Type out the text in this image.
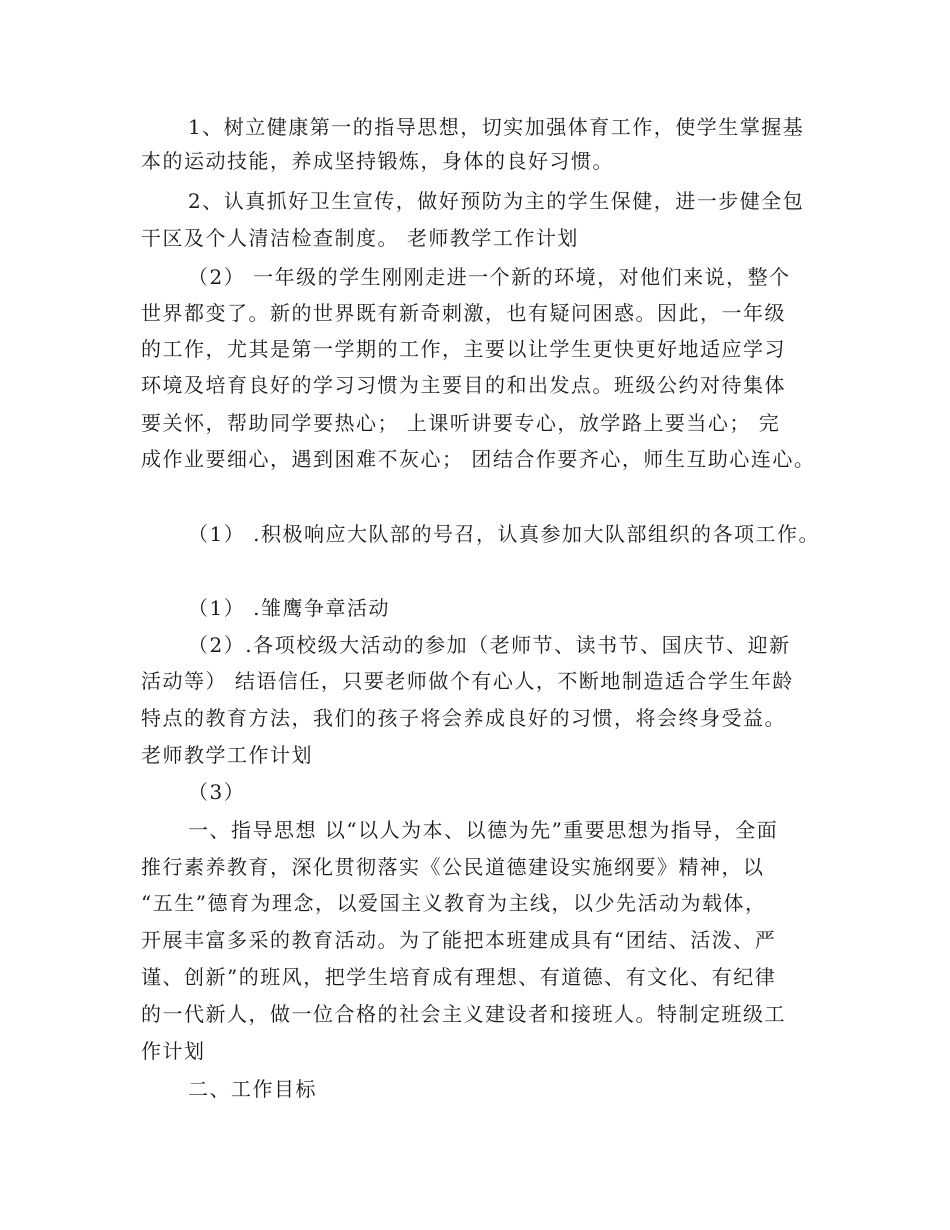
1、树立健康第一的指导思想，切实加强体育工作，使学生掌握基
本的运动技能，养成坚持锻炼，身体的良好习惯。
2、认真抓好卫生宣传，做好预防为主的学生保健，进一步健全包
干区及个人清洁检查制度。 老师教学工作计划
（2） 一年级的学生刚刚走进一个新的环境，对他们来说，整个
世界都变了。新的世界既有新奇刺激，也有疑问困惑。因此，一年级
的工作，尤其是第一学期的工作，主要以让学生更快更好地适应学习
环境及培育良好的学习习惯为主要目的和出发点。班级公约对待集体
要关怀，帮助同学要热心； 上课听讲要专心，放学路上要当心； 完
成作业要细心，遇到困难不灰心； 团结合作要齐心，师生互助心连心。
（1） .积极响应大队部的号召，认真参加大队部组织的各项工作。
（1） .雏鹰争章活动
（2）.各项校级大活动的参加（老师节、读书节、国庆节、迎新
活动等） 结语信任，只要老师做个有心人，不断地制造适合学生年龄
特点的教育方法，我们的孩子将会养成良好的习惯，将会终身受益。
老师教学工作计划
（3）
一、指导思想 以“以人为本、以德为先”重要思想为指导，全面
推行素养教育，深化贯彻落实《公民道德建设实施纲要》精神，以
“五生”德育为理念，以爱国主义教育为主线，以少先活动为载体，
开展丰富多采的教育活动。为了能把本班建成具有“团结、活泼、严
谨、创新”的班风，把学生培育成有理想、有道德、有文化、有纪律
的一代新人，做一位合格的社会主义建设者和接班人。特制定班级工
作计划
二、工作目标
